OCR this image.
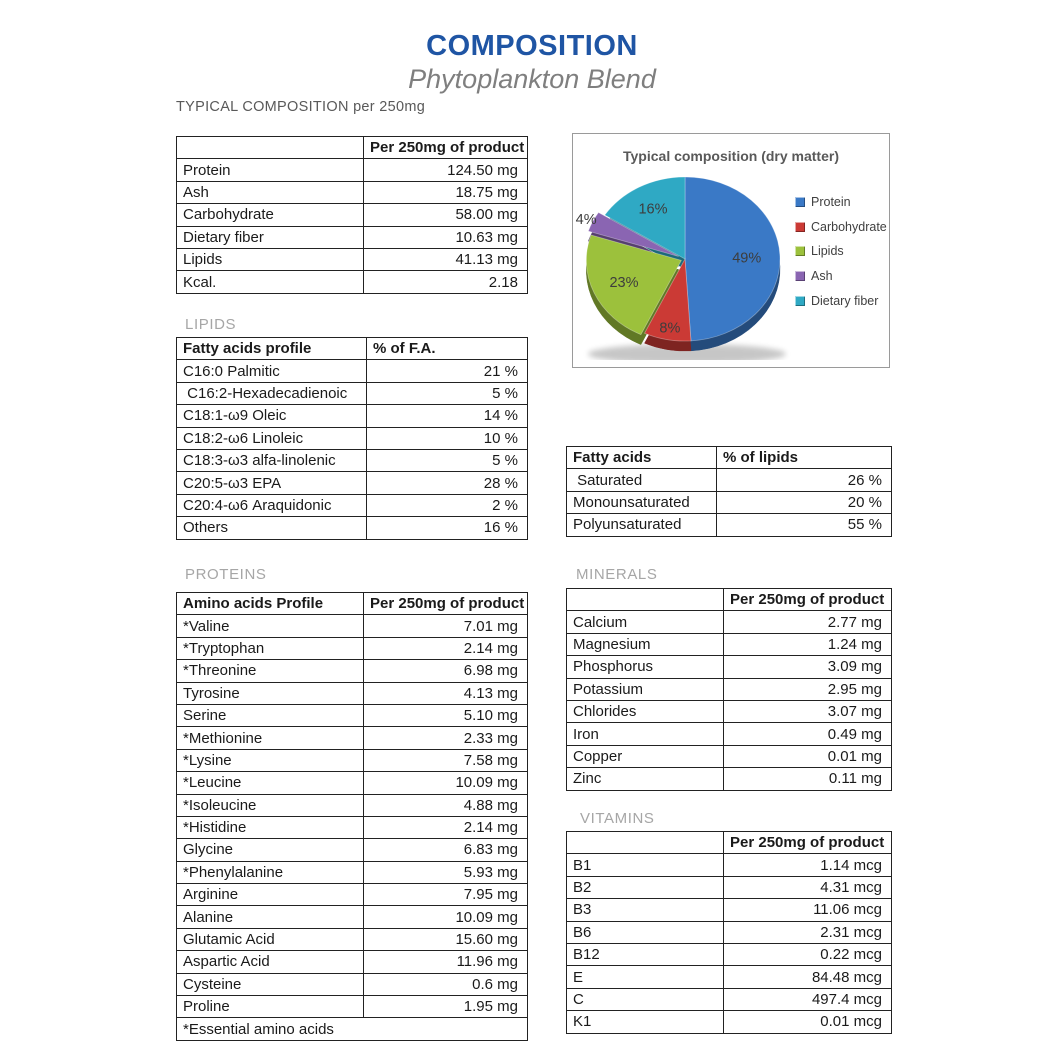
COMPOSITION
Phytoplankton Blend
TYPICAL COMPOSITION per 250mg
	Per 250mg of product
Protein	124.50 mg
Ash	18.75 mg
Carbohydrate	58.00 mg
Dietary fiber	10.63 mg
Lipids	41.13 mg
Kcal.	2.18
Typical composition (dry matter)
49%
8%
23%
4%
16%	Protein
Carbohydrate
Lipids
Ash
Dietary fiber
LIPIDS
Fatty acids profile	% of F.A.
C16:0 Palmitic	21 %
C16:2-Hexadecadienoic	5 %
C18:1-ω9 Oleic	14 %
C18:2-ω6 Linoleic	10 %
C18:3-ω3 alfa-linolenic	5 %
C20:5-ω3 EPA	28 %
C20:4-ω6 Araquidonic	2 %
Others	16 %
Fatty acids	% of lipids
Saturated	26 %
Monounsaturated	20 %
Polyunsaturated	55 %
PROTEINS
Amino acids Profile	Per 250mg of product
*Valine	7.01 mg
*Tryptophan	2.14 mg
*Threonine	6.98 mg
Tyrosine	4.13 mg
Serine	5.10 mg
*Methionine	2.33 mg
*Lysine	7.58 mg
*Leucine	10.09 mg
*Isoleucine	4.88 mg
*Histidine	2.14 mg
Glycine	6.83 mg
*Phenylalanine	5.93 mg
Arginine	7.95 mg
Alanine	10.09 mg
Glutamic Acid	15.60 mg
Aspartic Acid	11.96 mg
Cysteine	0.6 mg
Proline	1.95 mg
*Essential amino acids	
MINERALS
	Per 250mg of product
Calcium	2.77 mg
Magnesium	1.24 mg
Phosphorus	3.09 mg
Potassium	2.95 mg
Chlorides	3.07 mg
Iron	0.49 mg
Copper	0.01 mg
Zinc	0.11 mg
VITAMINS
	Per 250mg of product
B1	1.14 mcg
B2	4.31 mcg
B3	11.06 mcg
B6	2.31 mcg
B12	0.22 mcg
E	84.48 mcg
C	497.4 mcg
K1	0.01 mcg
